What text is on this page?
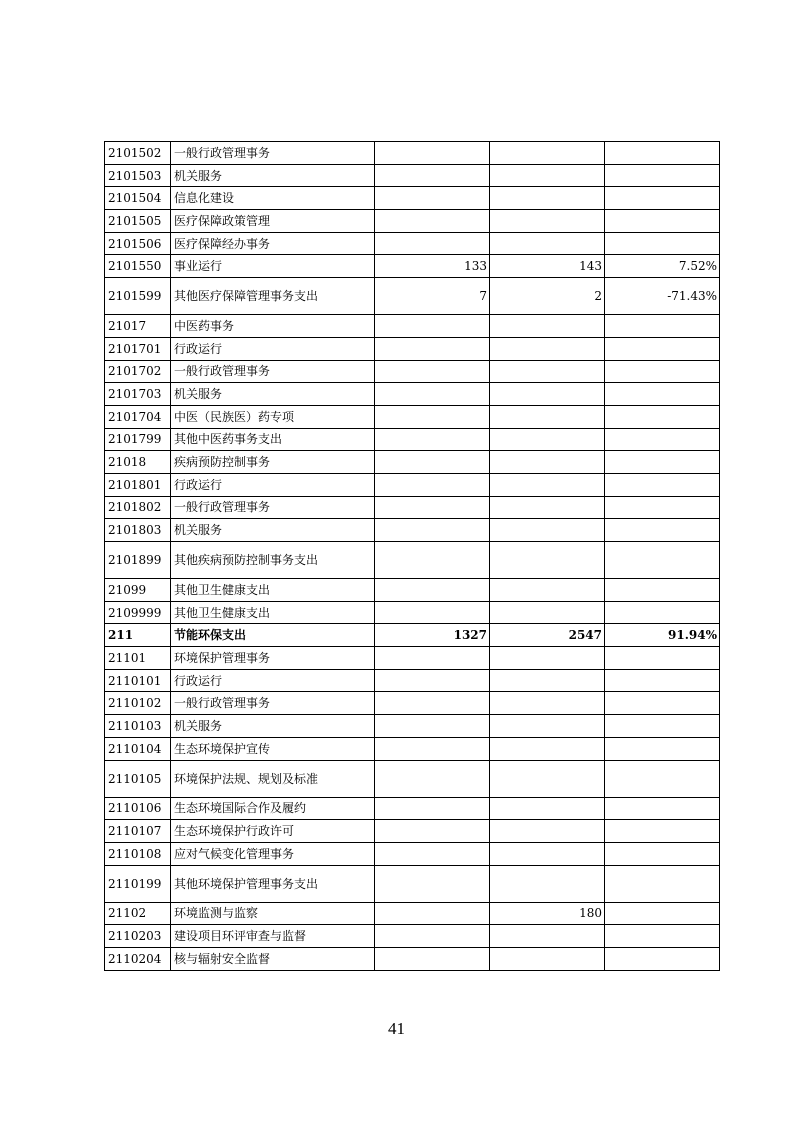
2101502	一般行政管理事务			
2101503	机关服务			
2101504	信息化建设			
2101505	医疗保障政策管理			
2101506	医疗保障经办事务			
2101550	事业运行	133	143	7.52%
2101599	其他医疗保障管理事务支出	7	2	-71.43%
21017	中医药事务			
2101701	行政运行			
2101702	一般行政管理事务			
2101703	机关服务			
2101704	中医（民族医）药专项			
2101799	其他中医药事务支出			
21018	疾病预防控制事务			
2101801	行政运行			
2101802	一般行政管理事务			
2101803	机关服务			
2101899	其他疾病预防控制事务支出			
21099	其他卫生健康支出			
2109999	其他卫生健康支出			
211	节能环保支出	1327	2547	91.94%
21101	环境保护管理事务			
2110101	行政运行			
2110102	一般行政管理事务			
2110103	机关服务			
2110104	生态环境保护宣传			
2110105	环境保护法规、规划及标准			
2110106	生态环境国际合作及履约			
2110107	生态环境保护行政许可			
2110108	应对气候变化管理事务			
2110199	其他环境保护管理事务支出			
21102	环境监测与监察		180	
2110203	建设项目环评审查与监督			
2110204	核与辐射安全监督			
41
